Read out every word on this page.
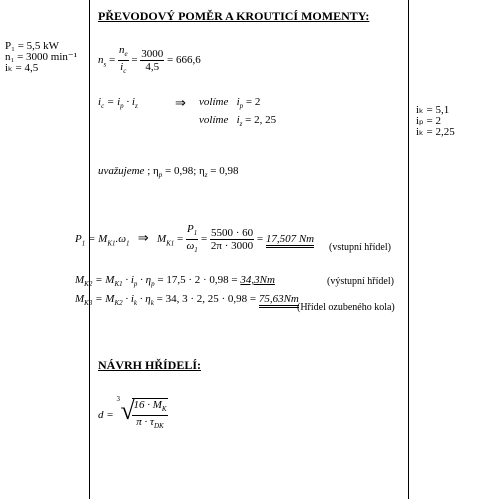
P₁ = 5,5 kW
n₁ = 3000 min⁻¹
iₖ = 4,5
iₖ = 5,1
iₚ = 2
iₖ = 2,25
PŘEVODOVÝ POMĚR A KROUTICÍ MOMENTY:
$n_s = \frac{n_e}{i_c} = \frac{3000}{4,5} = 666,6$
$i_c = i_p \cdot i_z$	⇒ volíme $i_p = 2$
volíme $i_z = 2$, 25
uvažujeme ; $\eta_p = 0,98$; $\eta_z = 0,98$
$P_1 = M_{K1}.\omega_1$ ⇒ $M_{K1} = \frac{P_1}{\omega_1} = \frac{5500 \cdot 60}{2\pi \cdot 3000} = 17,507$ Nm
(vstupní hřídel)
$M_{K2} = M_{K1} \cdot i_p \cdot \eta_p = 17,5 \cdot 2 \cdot 0,98 = 34,3Nm$	(výstupní hřídel)
$M_{K3} = M_{K2} \cdot i_k \cdot \eta_k = 34$, 3 · 2, 25 · 0,98 = 75,63Nm
(Hřídel ozubeného kola)
NÁVRH HŘÍDELÍ:
d =
3 √
$\frac{16 \cdot M_K}{\pi \cdot \tau_{DK}}$
